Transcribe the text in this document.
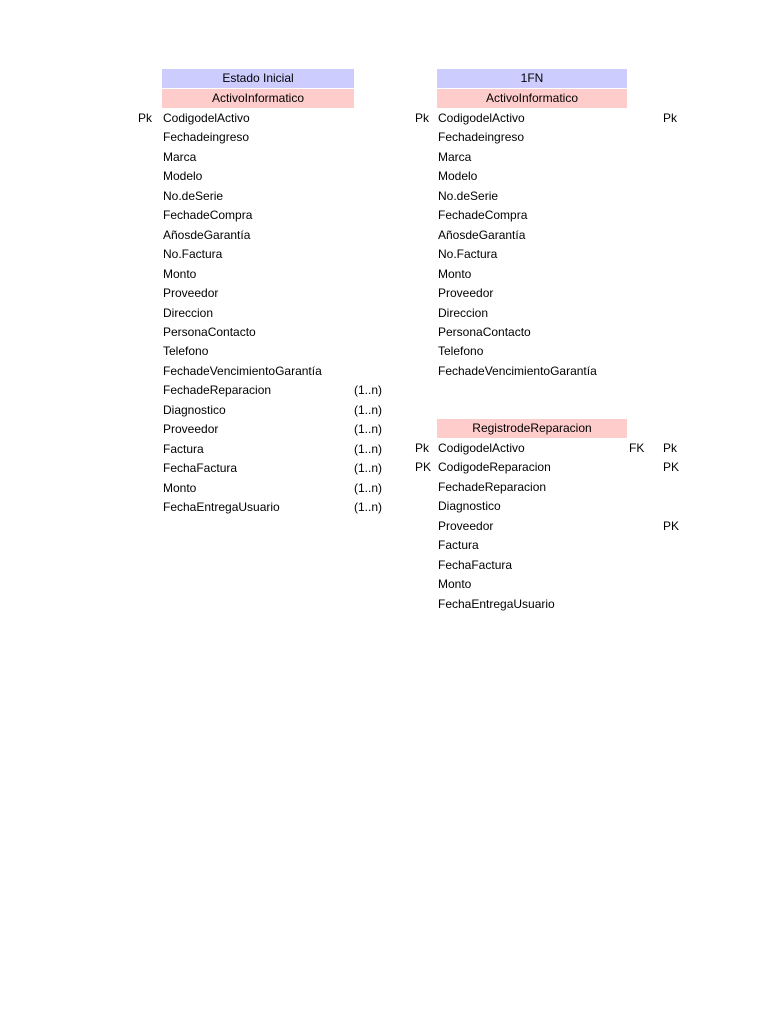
Estado Inicial
ActivoInformatico
1FN
ActivoInformatico
RegistrodeReparacion
Pk CodigodelActivo
Fechadeingreso
Marca
Modelo
No.deSerie
FechadeCompra
AñosdeGarantía
No.Factura
Monto
Proveedor
Direccion
PersonaContacto
Telefono
FechadeVencimientoGarantía
FechadeReparacion	(1..n)
Diagnostico	(1..n)
Proveedor	(1..n)
Factura	(1..n)
FechaFactura	(1..n)
Monto	(1..n)
FechaEntregaUsuario	(1..n)
Pk CodigodelActivo	Pk
Fechadeingreso
Marca
Modelo
No.deSerie
FechadeCompra
AñosdeGarantía
No.Factura
Monto
Proveedor
Direccion
PersonaContacto
Telefono
FechadeVencimientoGarantía
Pk CodigodelActivo	FK Pk
PK CodigodeReparacion	PK
FechadeReparacion
Diagnostico
Proveedor	PK
Factura
FechaFactura
Monto
FechaEntregaUsuario
